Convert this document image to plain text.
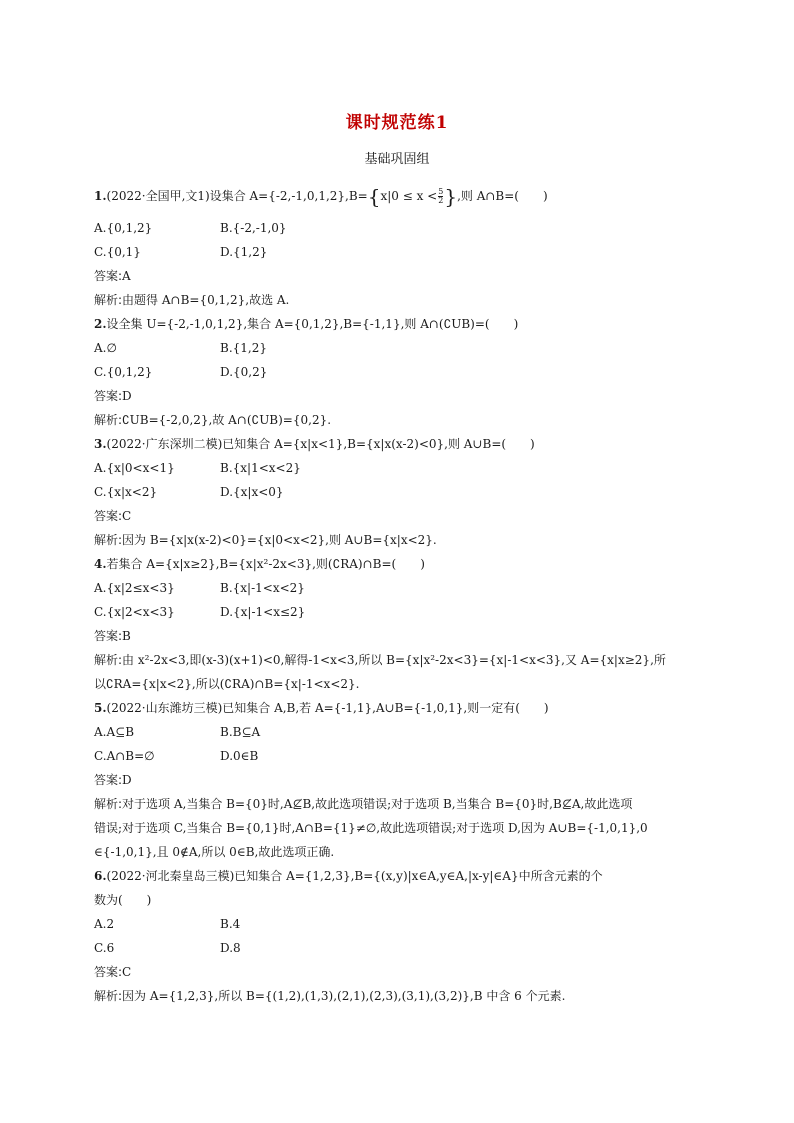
课时规范练1
基础巩固组
1.(2022·全国甲,文1)设集合 $A=\{-2,-1,0,1,2\},B=\{x|0 \le x < \frac{5}{2}$ },则 A∩B=(　　)
A.{0,1,2}	B.{-2,-1,0}
C.{0,1}	D.{1,2}
答案:A
解析:由题得 A∩B={0,1,2},故选 A.
2.设全集 U={-2,-1,0,1,2},集合 A={0,1,2},B={-1,1},则 A∩(∁UB)=(　　)
A.∅	B.{1,2}
C.{0,1,2}	D.{0,2}
答案:D
解析:∁UB={-2,0,2},故 A∩(∁UB)={0,2}.
3.(2022·广东深圳二模)已知集合 A={x|x<1},B={x|x(x-2)<0},则 A∪B=(　　)
A.{x|0<x<1}	B.{x|1<x<2}
C.{x|x<2}	D.{x|x<0}
答案:C
解析:因为 B={x|x(x-2)<0}={x|0<x<2},则 A∪B={x|x<2}.
4.若集合 A={x|x≥2},B={x|x²-2x<3},则(∁RA)∩B=(　　)
A.{x|2≤x<3}	B.{x|-1<x<2}
C.{x|2<x<3}	D.{x|-1<x≤2}
答案:B
解析:由 x²-2x<3,即(x-3)(x+1)<0,解得-1<x<3,所以 B={x|x²-2x<3}={x|-1<x<3},又 A={x|x≥2},所
以∁RA={x|x<2},所以(∁RA)∩B={x|-1<x<2}.
5.(2022·山东潍坊三模)已知集合 A,B,若 A={-1,1},A∪B={-1,0,1},则一定有(　　)
A.A⊆B	B.B⊆A
C.A∩B=∅	D.0∈B
答案:D
解析:对于选项 A,当集合 B={0}时,A⊈B,故此选项错误;对于选项 B,当集合 B={0}时,B⊈A,故此选项
错误;对于选项 C,当集合 B={0,1}时,A∩B={1}≠∅,故此选项错误;对于选项 D,因为 A∪B={-1,0,1},0
∈{-1,0,1},且 0∉A,所以 0∈B,故此选项正确.
6.(2022·河北秦皇岛三模)已知集合 A={1,2,3},B={(x,y)|x∈A,y∈A,|x-y|∈A}中所含元素的个
数为(　　)
A.2	B.4
C.6	D.8
答案:C
解析:因为 A={1,2,3},所以 B={(1,2),(1,3),(2,1),(2,3),(3,1),(3,2)},B 中含 6 个元素.
